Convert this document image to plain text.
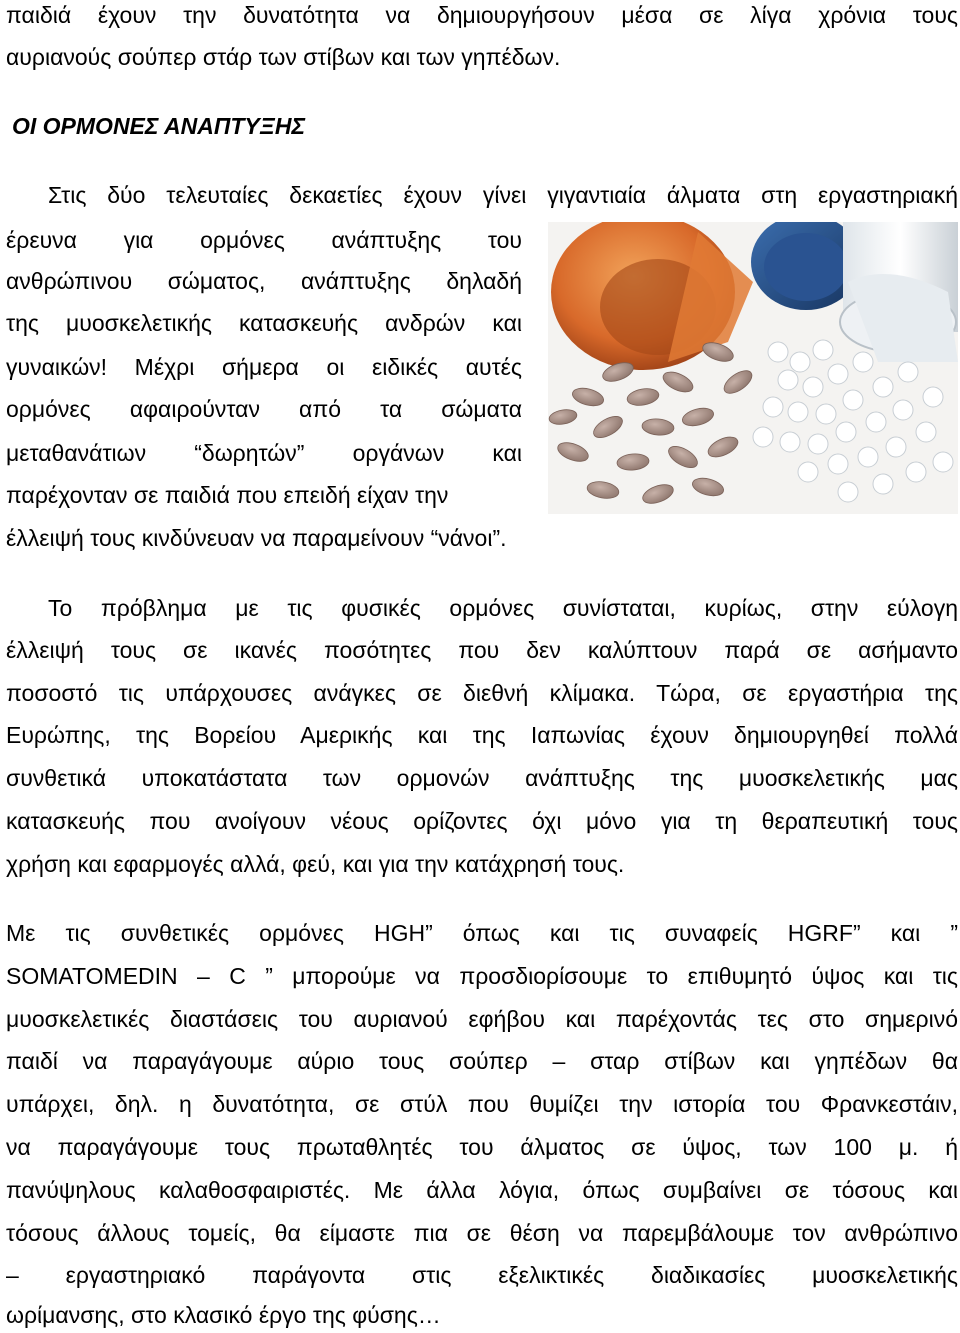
παιδιά έχουν την δυνατότητα να δημιουργήσουν μέσα σε λίγα χρόνια τους
αυριανούς σούπερ στάρ των στίβων και των γηπέδων.
ΟΙ ΟΡΜΟΝΕΣ ΑΝΑΠΤΥΞΗΣ
Στις δύο τελευταίες δεκαετίες έχουν γίνει γιγαντιαία άλματα στη εργαστηριακή
έρευνα για ορμόνες ανάπτυξης του
ανθρώπινου σώματος, ανάπτυξης δηλαδή
της μυοσκελετικής κατασκευής ανδρών και
γυναικών! Μέχρι σήμερα οι ειδικές αυτές
ορμόνες αφαιρούνταν από τα σώματα
μεταθανάτιων “δωρητών” οργάνων και
παρέχονταν σε παιδιά που επειδή είχαν την
έλλειψή τους κινδύνευαν να παραμείνουν “νάνοι”.
Το πρόβλημα με τις φυσικές ορμόνες συνίσταται, κυρίως, στην εύλογη
έλλειψή τους σε ικανές ποσότητες που δεν καλύπτουν παρά σε ασήμαντο
ποσοστό τις υπάρχουσες ανάγκες σε διεθνή κλίμακα. Τώρα, σε εργαστήρια της
Ευρώπης, της Βορείου Αμερικής και της Ιαπωνίας έχουν δημιουργηθεί πολλά
συνθετικά υποκατάστατα των ορμονών ανάπτυξης της μυοσκελετικής μας
κατασκευής που ανοίγουν νέους ορίζοντες όχι μόνο για τη θεραπευτική τους
χρήση και εφαρμογές αλλά, φεύ, και για την κατάχρησή τους.
Με τις συνθετικές ορμόνες HGH” όπως και τις συναφείς HGRF” και ”
SOMATOMEDIN – C ” μπορούμε να προσδιορίσουμε το επιθυμητό ύψος και τις
μυοσκελετικές διαστάσεις του αυριανού εφήβου και παρέχοντάς τες στο σημερινό
παιδί να παραγάγουμε αύριο τους σούπερ – σταρ στίβων και γηπέδων θα
υπάρχει, δηλ. η δυνατότητα, σε στύλ που θυμίζει την ιστορία του Φρανκεστάιν,
να παραγάγουμε τους πρωταθλητές του άλματος σε ύψος, των 100 μ. ή
πανύψηλους καλαθοσφαιριστές. Με άλλα λόγια, όπως συμβαίνει σε τόσους και
τόσους άλλους τομείς, θα είμαστε πια σε θέση να παρεμβάλουμε τον ανθρώπινο
– εργαστηριακό παράγοντα στις εξελικτικές διαδικασίες μυοσκελετικής
ωρίμανσης, στο κλασικό έργο της φύσης…
